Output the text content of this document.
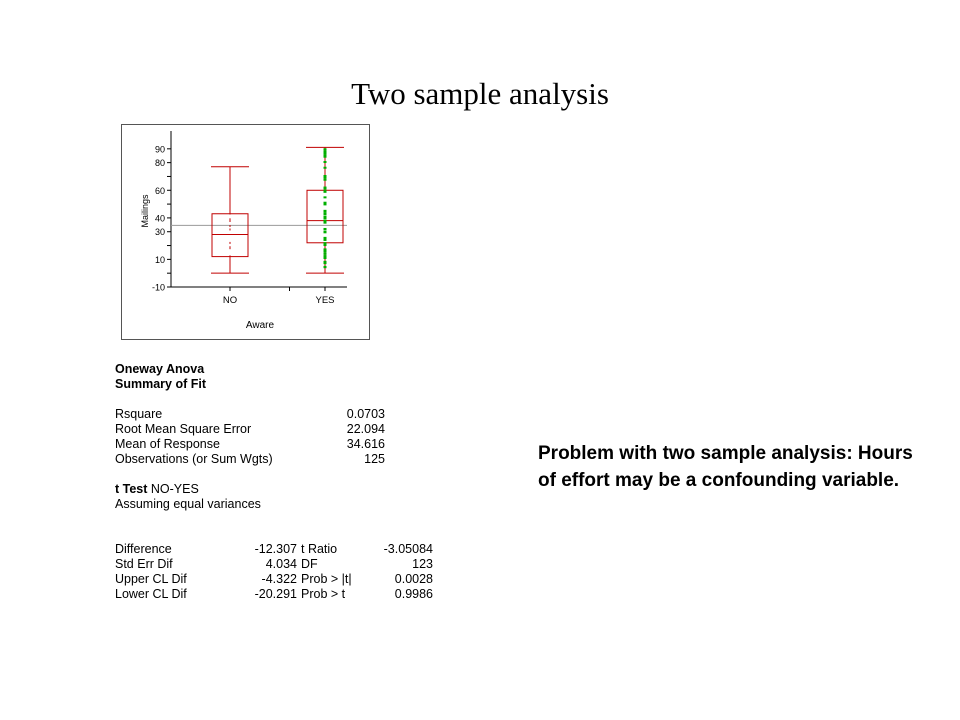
Two sample analysis
-10
10
30
40
60
80
90
NO	YES
Aware
Mailings
Oneway Anova
Summary of Fit
Rsquare	0.0703
Root Mean Square Error	22.094
Mean of Response	34.616
Observations (or Sum Wgts)	125
t Test NO-YES
Assuming equal variances
Difference	-12.307 t Ratio	-3.05084
Std Err Dif	4.034 DF	123
Upper CL Dif	-4.322 Prob > |t|	0.0028
Lower CL Dif	-20.291 Prob > t	0.9986
Problem with two sample analysis: Hours of effort may be a confounding variable.
